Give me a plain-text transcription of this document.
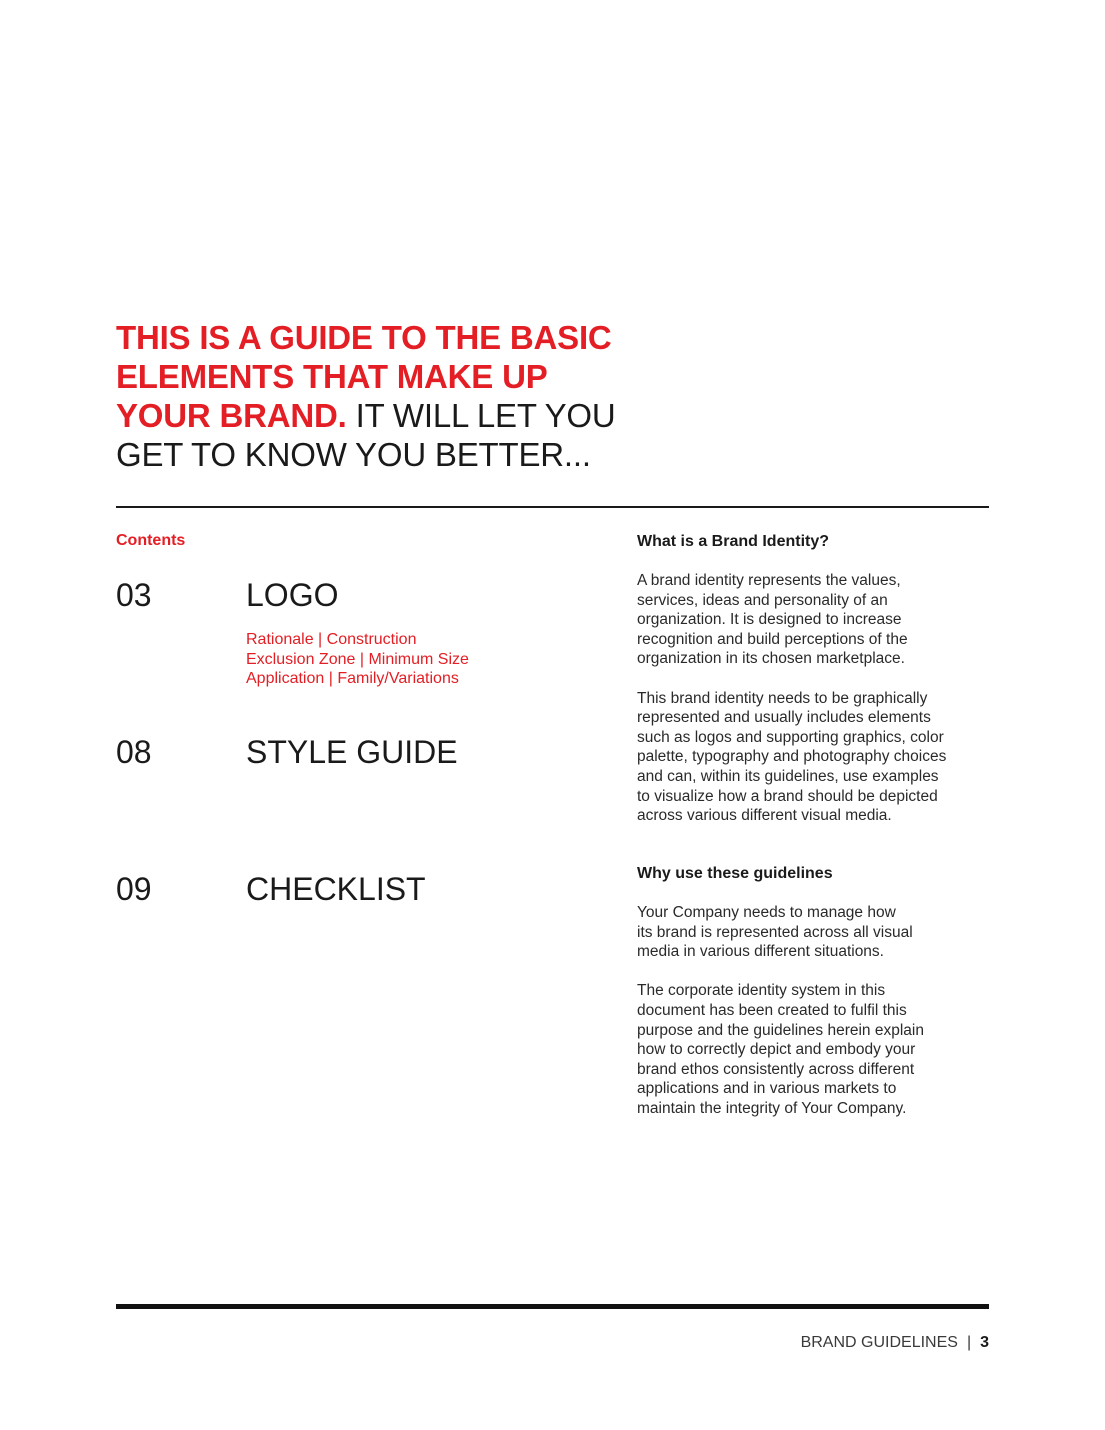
THIS IS A GUIDE TO THE BASIC ELEMENTS THAT MAKE UP YOUR BRAND. IT WILL LET YOU GET TO KNOW YOU BETTER...
Contents
03	LOGO
Rationale | Construction
Exclusion Zone | Minimum Size
Application | Family/Variations
08	STYLE GUIDE
09	CHECKLIST
What is a Brand Identity?
A brand identity represents the values,
services, ideas and personality of an
organization. It is designed to increase
recognition and build perceptions of the
organization in its chosen marketplace.
This brand identity needs to be graphically
represented and usually includes elements
such as logos and supporting graphics, color
palette, typography and photography choices
and can, within its guidelines, use examples
to visualize how a brand should be depicted
across various different visual media.
Why use these guidelines
Your Company needs to manage how
its brand is represented across all visual
media in various different situations.
The corporate identity system in this
document has been created to fulfil this
purpose and the guidelines herein explain
how to correctly depict and embody your
brand ethos consistently across different
applications and in various markets to
maintain the integrity of Your Company.
BRAND GUIDELINES | 3
